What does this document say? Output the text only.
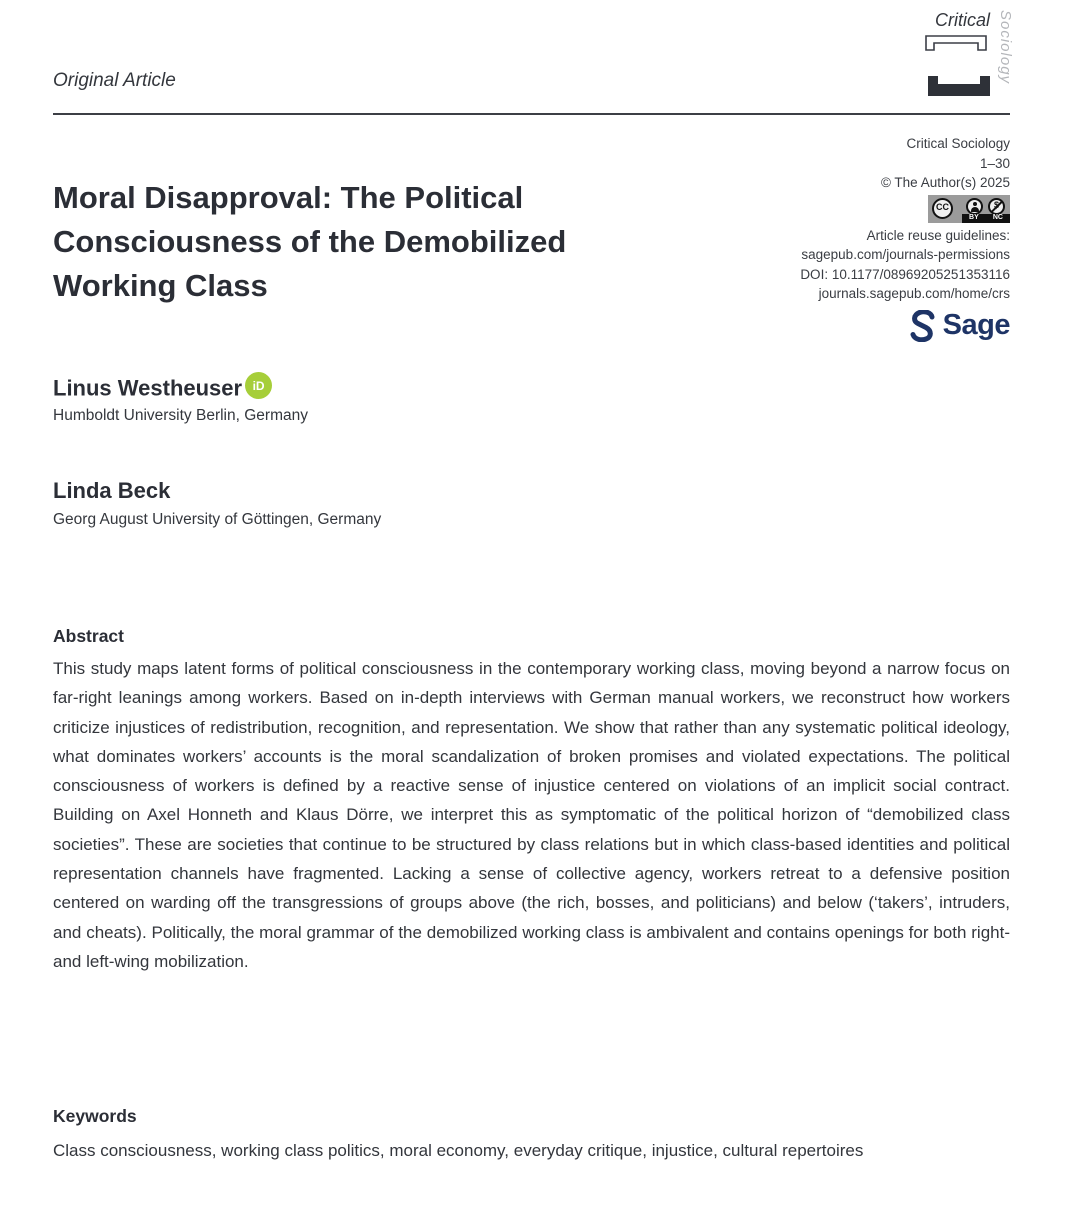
Original Article
Critical Sociology
Critical Sociology
1–30
© The Author(s) 2025
CC
BY NC
Article reuse guidelines:
sagepub.com/journals-permissions
DOI: 10.1177/08969205251353116
journals.sagepub.com/home/crs
Sage
Moral Disapproval: The Political Consciousness of the Demobilized Working Class
Linus Westheuser iD
Humboldt University Berlin, Germany
Linda Beck
Georg August University of Göttingen, Germany
Abstract
This study maps latent forms of political consciousness in the contemporary working class, moving beyond a narrow focus on far-right leanings among workers. Based on in-depth interviews with German manual workers, we reconstruct how workers criticize injustices of redistribution, recognition, and representation. We show that rather than any systematic political ideology, what dominates workers’ accounts is the moral scandalization of broken promises and violated expectations. The political consciousness of workers is defined by a reactive sense of injustice centered on violations of an implicit social contract. Building on Axel Honneth and Klaus Dörre, we interpret this as symptomatic of the political horizon of “demobilized class societies”. These are societies that continue to be structured by class relations but in which class-based identities and political representation channels have fragmented. Lacking a sense of collective agency, workers retreat to a defensive position centered on warding off the transgressions of groups above (the rich, bosses, and politicians) and below (‘takers’, intruders, and cheats). Politically, the moral grammar of the demobilized working class is ambivalent and contains openings for both right- and left-wing mobilization.
Keywords
Class consciousness, working class politics, moral economy, everyday critique, injustice, cultural repertoires
